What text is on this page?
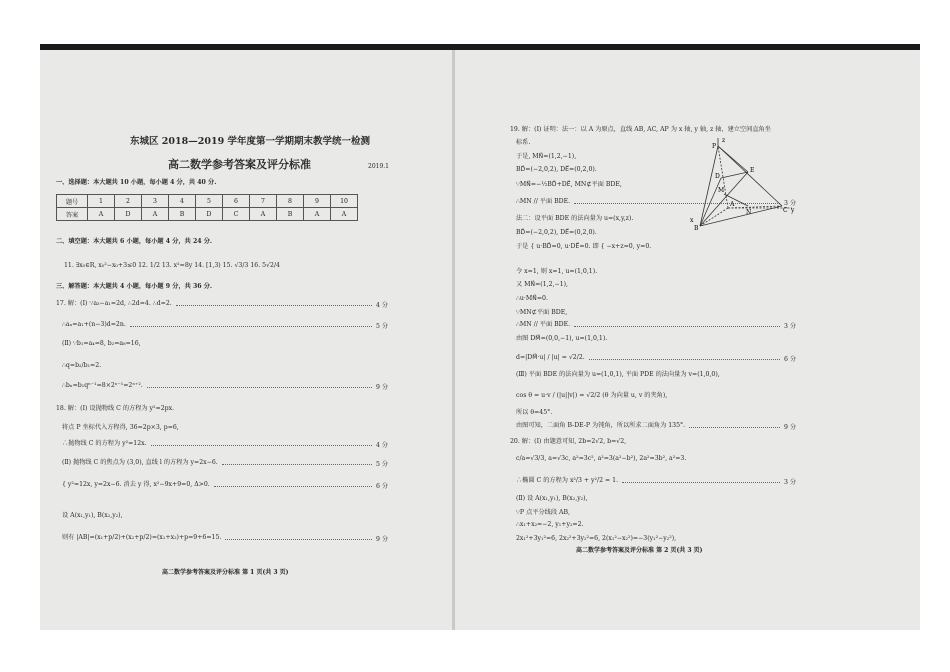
东城区 2018—2019 学年度第一学期期末教学统一检测
高二数学参考答案及评分标准	2019.1
一、选择题：本大题共 10 小题，每小题 4 分，共 40 分.
题号	1	2	3	4	5	6	7	8	9	10
答案	A	D	A	B	D	C	A	B	A	A
二、填空题：本大题共 6 小题，每小题 4 分，共 24 分.
11. ∃x₀∈R, x₀²−x₀+3≤0 12. 1/2 13. x²=8y 14. [1,3) 15. √3/3 16. 5√2/4
三、解答题：本大题共 4 小题，每小题 9 分，共 36 分.
17. 解：(Ⅰ) ∵a₃−a₁=2d, ∴2d=4. ∴d=2.	4 分
∴aₙ=a₁+(n−3)d=2n.	5 分
(Ⅱ) ∵b₁=a₄=8, b₂=a₈=16,
∴q=b₂/b₁=2.
∴bₙ=b₁qⁿ⁻¹=8×2ⁿ⁻¹=2ⁿ⁺².	9 分
18. 解：(Ⅰ) 设抛物线 C 的方程为 y²=2px.
将点 P 坐标代入方程得, 36=2p×3, p=6,
∴抛物线 C 的方程为 y²=12x.	4 分
(Ⅱ) 抛物线 C 的焦点为 (3,0), 直线 l 的方程为 y=2x−6.	5 分
{ y²=12x, y=2x−6. 消去 y 得, x²−9x+9=0, Δ>0.	6 分
设 A(x₁,y₁), B(x₂,y₂),
则有 |AB|=(x₁+p/2)+(x₂+p/2)=(x₁+x₂)+p=9+6=15.	9 分
高二数学参考答案及评分标准 第 1 页(共 3 页)
19. 解：(Ⅰ) 证明：法一：以 A 为原点，直线 AB, AC, AP 为 x 轴, y 轴, z 轴，建立空间直角坐
标系.
于是, MN⃗=(1,2,−1),
BD⃗=(−2,0,2), DE⃗=(0,2,0).
∵MN⃗=−½BD⃗+DE⃗, MN⊄平面 BDE,
∴MN // 平面 BDE.	3 分
法二：设平面 BDE 的法向量为 u=(x,y,z).
BD⃗=(−2,0,2), DE⃗=(0,2,0).
于是 { u·BD⃗=0, u·DE⃗=0. 即 { −x+z=0, y=0.
令 x=1, 则 x=1, u=(1,0,1).
又 MN⃗=(1,2,−1),
∴u·MN⃗=0.
∵MN⊄平面 BDE,
∴MN // 平面 BDE.	3 分
由图 DM⃗=(0,0,−1), u=(1,0,1).
d=|DM⃗·u| / |u| = √2/2.	6 分
(Ⅲ) 平面 BDE 的法向量为 u=(1,0,1), 平面 PDE 的法向量为 v=(1,0,0),
cos θ = u·v / (|u||v|) = √2/2 (θ 为向量 u, v 的夹角),
所以 θ=45°.
由图可知，二面角 B-DE-P 为钝角，所以所求二面角为 135°.	9 分
20. 解：(Ⅰ) 由题意可知, 2b=2√2, b=√2,
c/a=√3/3, a=√3c, a²=3c², a²=3(a²−b²), 2a²=3b², a²=3.
∴椭圆 C 的方程为 x²/3 + y²/2 = 1.	3 分
(Ⅱ) 设 A(x₁,y₁), B(x₂,y₂),
∵P 点平分线段 AB,
∴x₁+x₂=−2, y₁+y₂=2.
2x₁²+3y₁²=6, 2x₂²+3y₂²=6, 2(x₁²−x₂²)=−3(y₁²−y₂²),
z
P
E
D
M
A
N	C y
B
x
高二数学参考答案及评分标准 第 2 页(共 3 页)
